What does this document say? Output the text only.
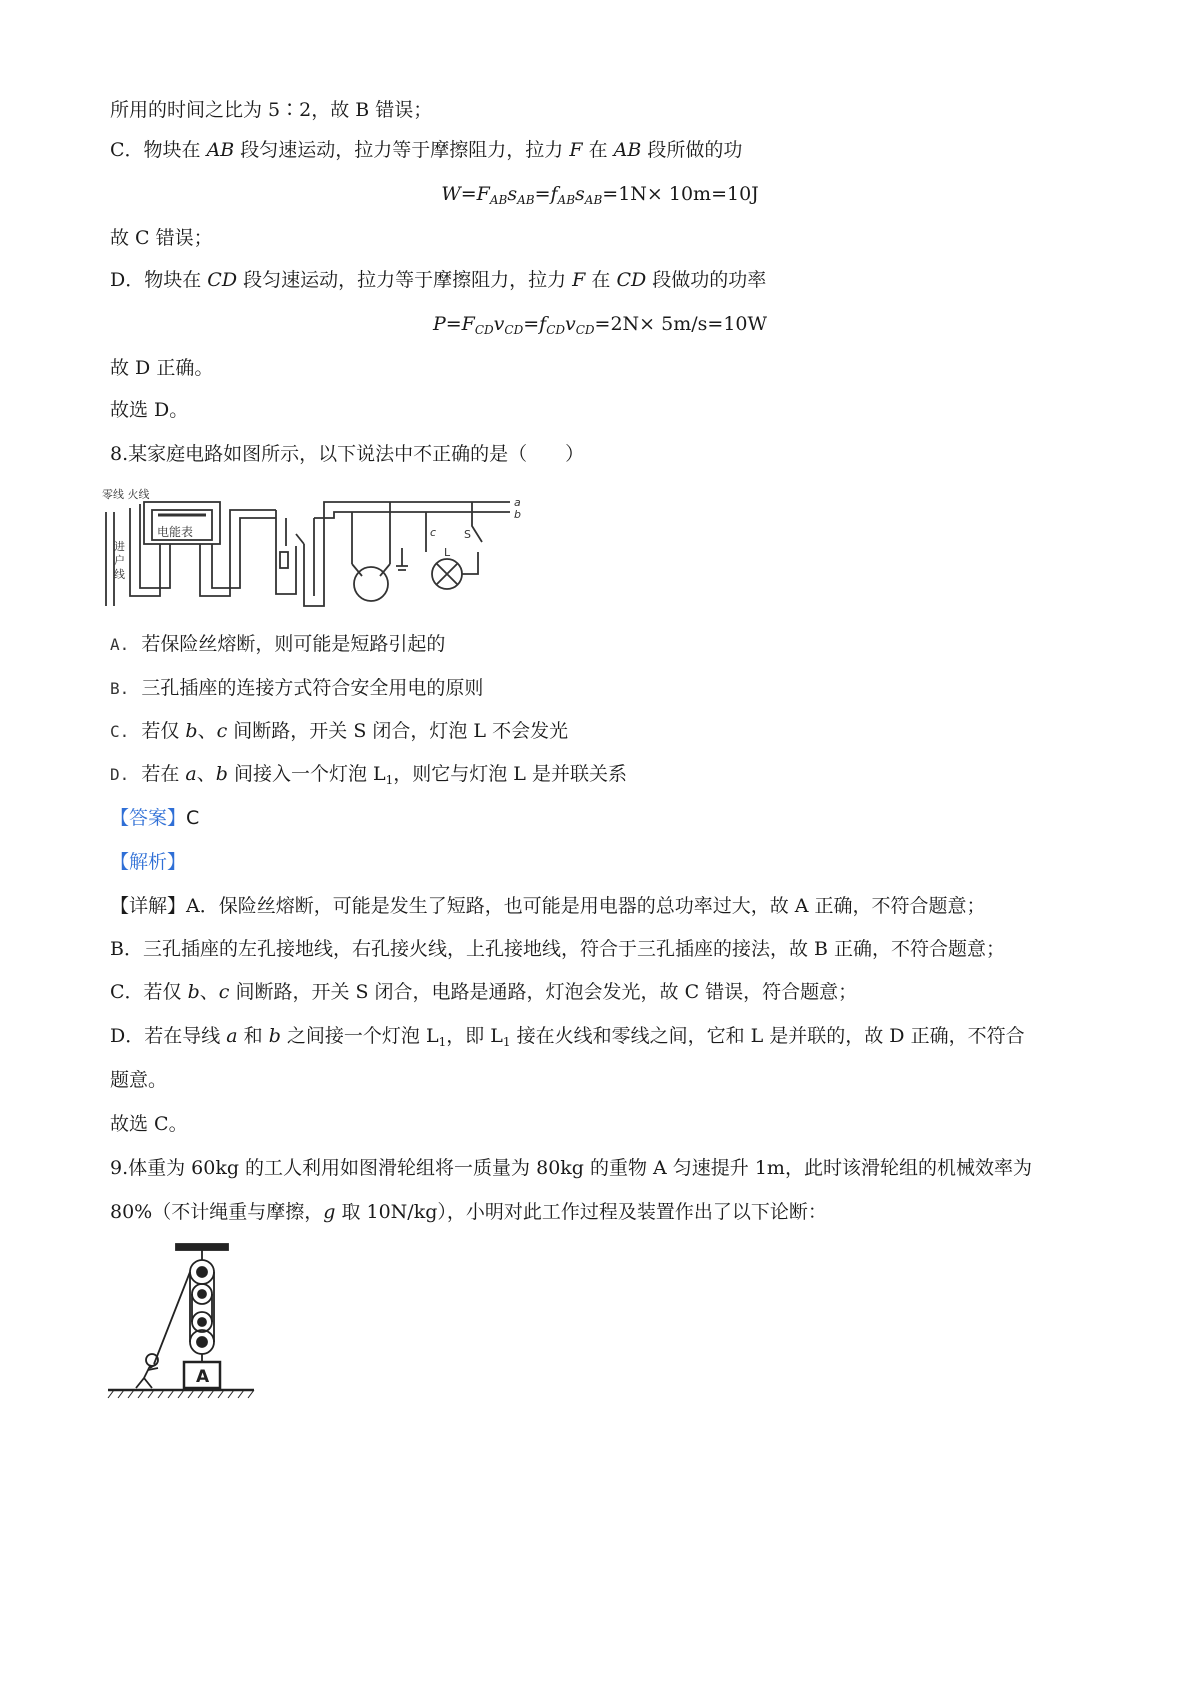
所用的时间之比为 5∶2，故 B 错误；
C．物块在 AB 段匀速运动，拉力等于摩擦阻力，拉力 F 在 AB 段所做的功
$W=F_{AB}s_{AB}=f_{AB}s_{AB}=1N\times 10m=10J$
故 C 错误；
D．物块在 CD 段匀速运动，拉力等于摩擦阻力，拉力 F 在 CD 段做功的功率
$P=F_{CD}v_{CD}=f_{CD}v_{CD}=2N\times 5m/s=10W$
故 D 正确。
故选 D。
8.某家庭电路如图所示，以下说法中不正确的是（　　）
零线 火线
电能表
进
户
线
a
b
c
L
S
A. 若保险丝熔断，则可能是短路引起的
B. 三孔插座的连接方式符合安全用电的原则
C.  若仅 b、c 间断路，开关 S 闭合，灯泡 L 不会发光
D.  若在 a、b 间接入一个灯泡 $L_1$，则它与灯泡 L 是并联关系
【答案】C
【解析】
【详解】A．保险丝熔断，可能是发生了短路，也可能是用电器的总功率过大，故 A 正确，不符合题意；
B．三孔插座的左孔接地线，右孔接火线，上孔接地线，符合于三孔插座的接法，故 B 正确，不符合题意；
C．若仅 b、c 间断路，开关 S 闭合，电路是通路，灯泡会发光，故 C 错误，符合题意；
D．若在导线 a 和 b 之间接一个灯泡 $L_1$，即 $L_1$ 接在火线和零线之间，它和 L 是并联的，故 D 正确，不符合
题意。
故选 C。
9.体重为 60kg 的工人利用如图滑轮组将一质量为 80kg 的重物 A 匀速提升 1m，此时该滑轮组的机械效率为
80%（不计绳重与摩擦，g 取 10N/kg），小明对此工作过程及装置作出了以下论断：
A
